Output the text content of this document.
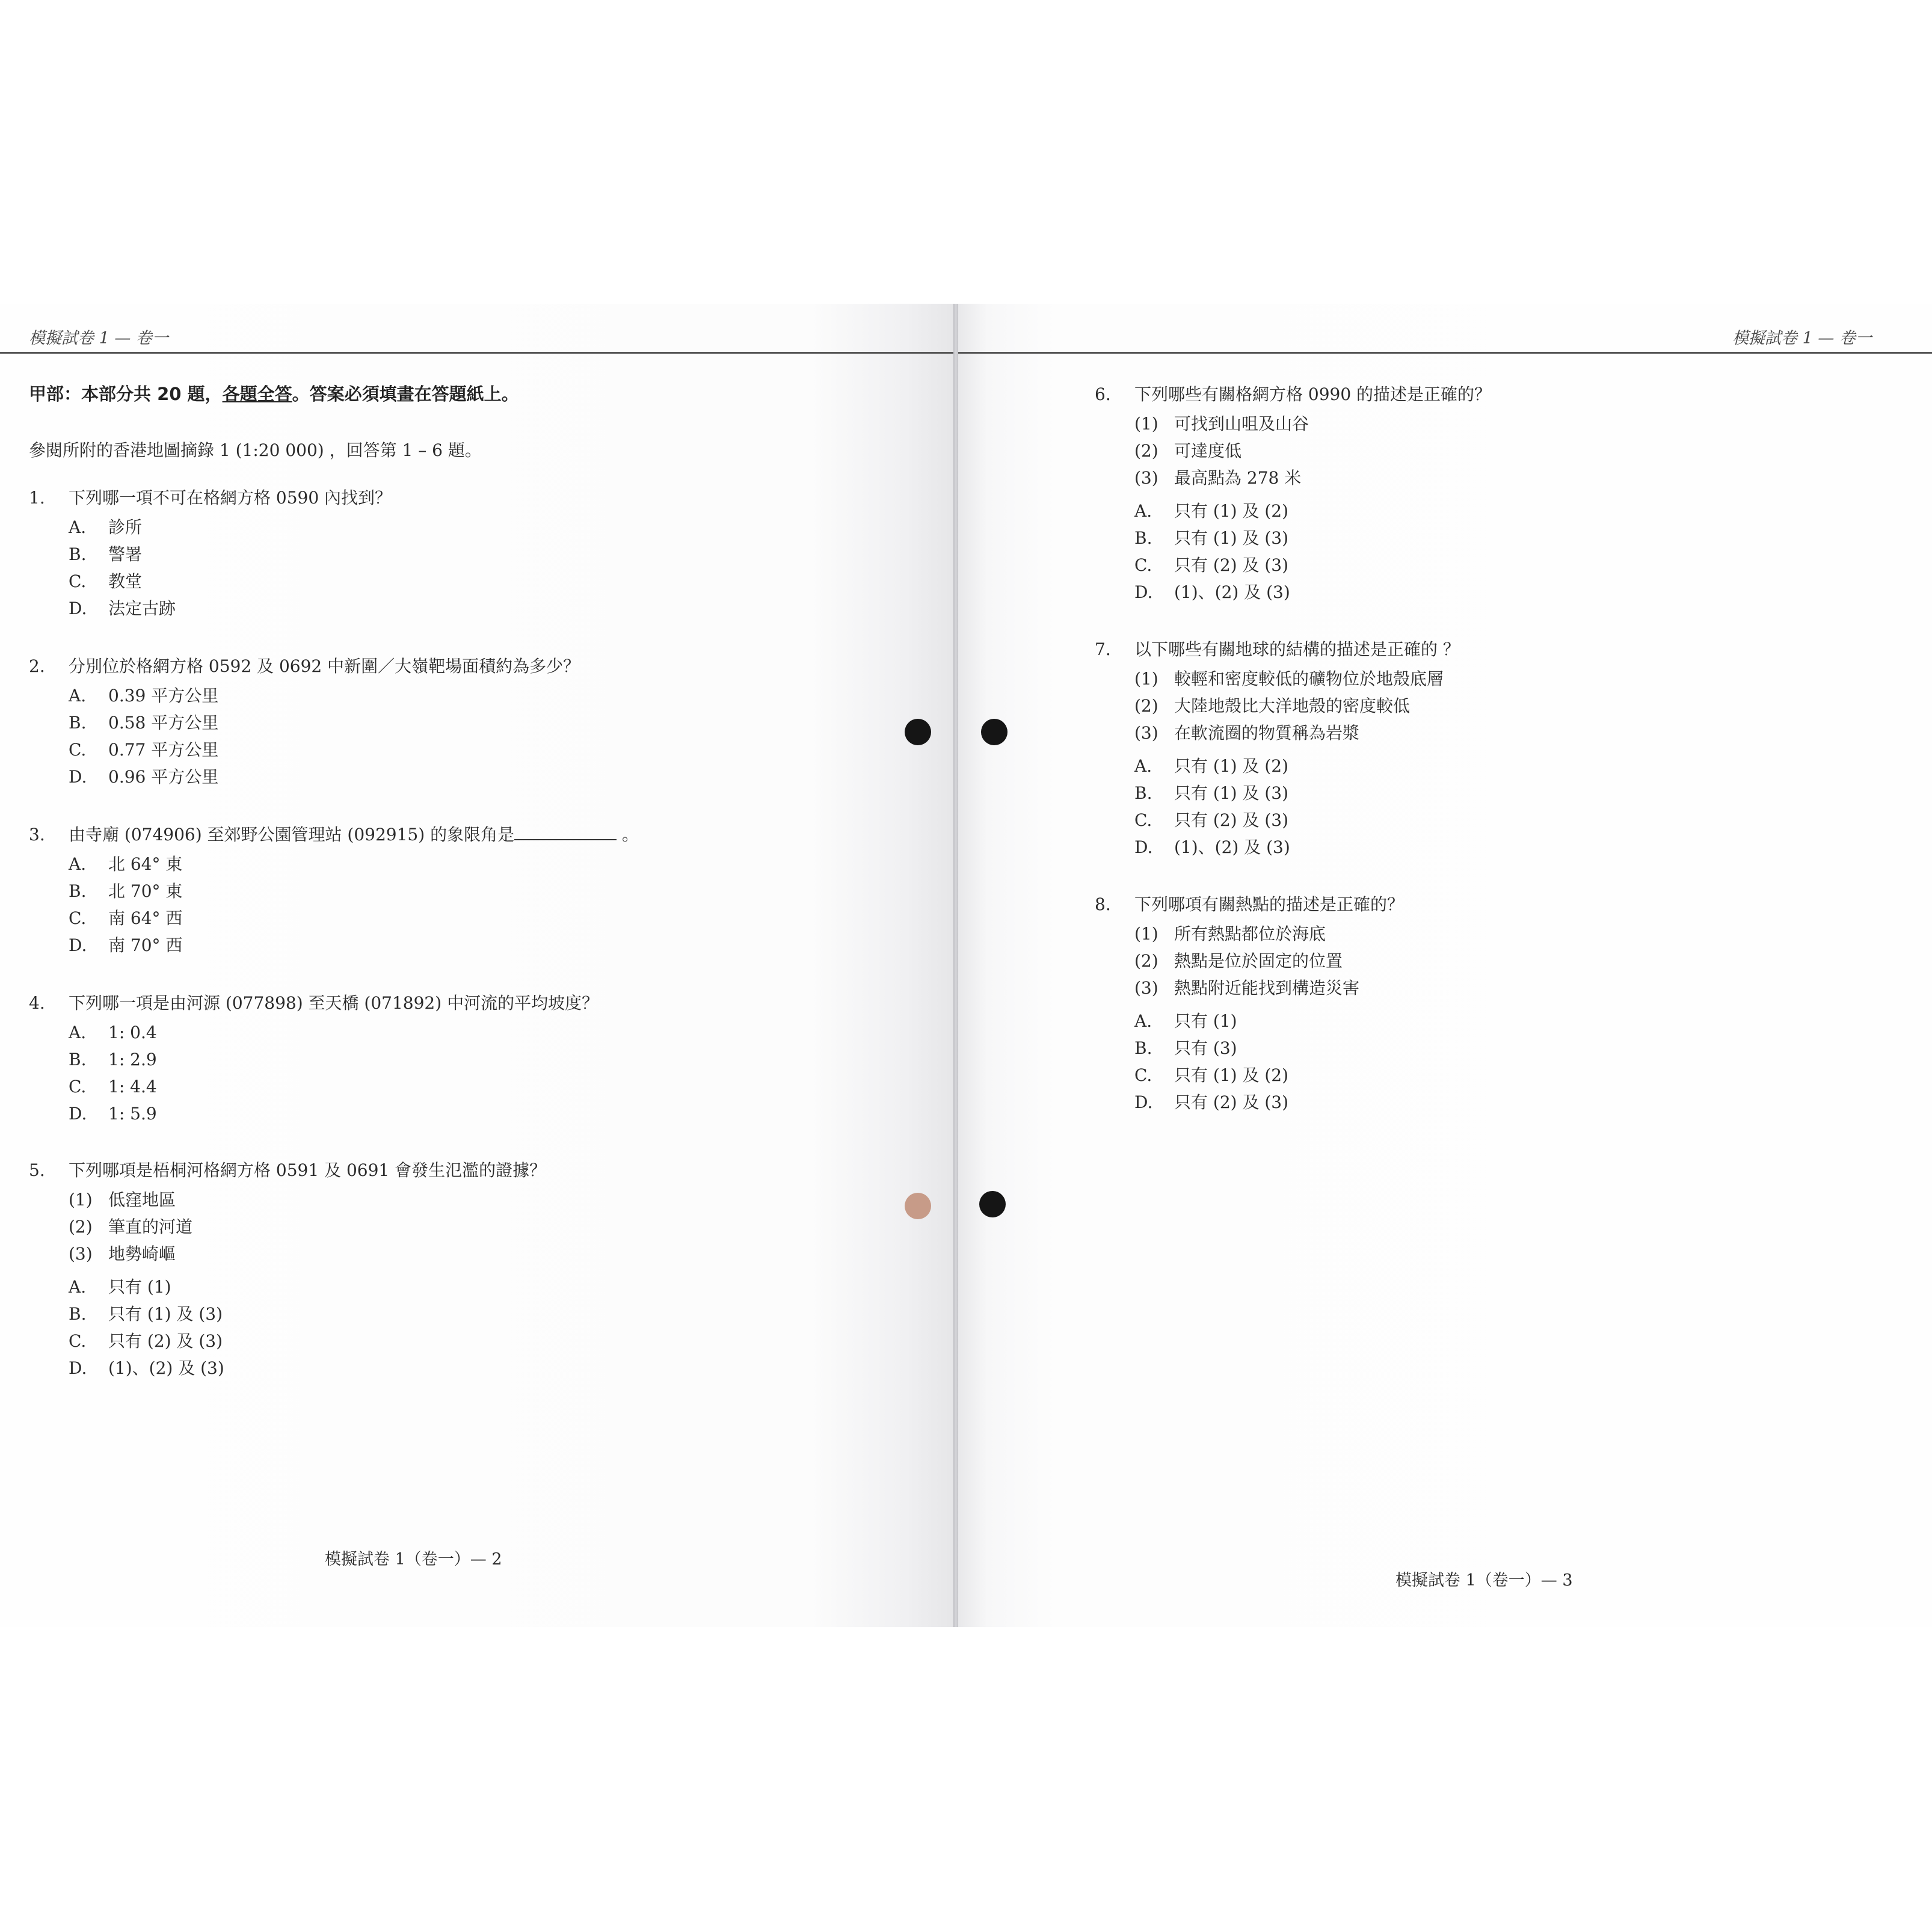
模擬試卷 1 — 卷一
甲部：本部分共 20 題，各題全答。答案必須填畫在答題紙上。
參閱所附的香港地圖摘錄 1 (1:20 000) ，回答第 1 – 6 題。
1.	下列哪一項不可在格網方格 0590 內找到？
A.	診所
B.	警署
C.	教堂
D.	法定古跡
2.	分別位於格網方格 0592 及 0692 中新圍／大嶺靶場面積約為多少？
A.	0.39 平方公里
B.	0.58 平方公里
C.	0.77 平方公里
D.	0.96 平方公里
3.	由寺廟 (074906) 至郊野公園管理站 (092915) 的象限角是	。
A.	北 64° 東
B.	北 70° 東
C.	南 64° 西
D.	南 70° 西
4.	下列哪一項是由河源 (077898) 至天橋 (071892) 中河流的平均坡度？
A.	1: 0.4
B.	1: 2.9
C.	1: 4.4
D.	1: 5.9
5.	下列哪項是梧桐河格網方格 0591 及 0691 會發生氾濫的證據？
(1) 低窪地區
(2) 筆直的河道
(3) 地勢崎嶇
A.	只有 (1)
B.	只有 (1) 及 (3)
C.	只有 (2) 及 (3)
D.	(1)、(2) 及 (3)
模擬試卷 1（卷一）— 2
模擬試卷 1 — 卷一
6.	下列哪些有關格網方格 0990 的描述是正確的？
(1) 可找到山咀及山谷
(2) 可達度低
(3) 最高點為 278 米
A.	只有 (1) 及 (2)
B.	只有 (1) 及 (3)
C.	只有 (2) 及 (3)
D.	(1)、(2) 及 (3)
7.	以下哪些有關地球的結構的描述是正確的 ？
(1) 較輕和密度較低的礦物位於地殼底層
(2) 大陸地殼比大洋地殼的密度較低
(3) 在軟流圈的物質稱為岩漿
A.	只有 (1) 及 (2)
B.	只有 (1) 及 (3)
C.	只有 (2) 及 (3)
D.	(1)、(2) 及 (3)
8.	下列哪項有關熱點的描述是正確的？
(1) 所有熱點都位於海底
(2) 熱點是位於固定的位置
(3) 熱點附近能找到構造災害
A.	只有 (1)
B.	只有 (3)
C.	只有 (1) 及 (2)
D.	只有 (2) 及 (3)
模擬試卷 1（卷一）— 3
